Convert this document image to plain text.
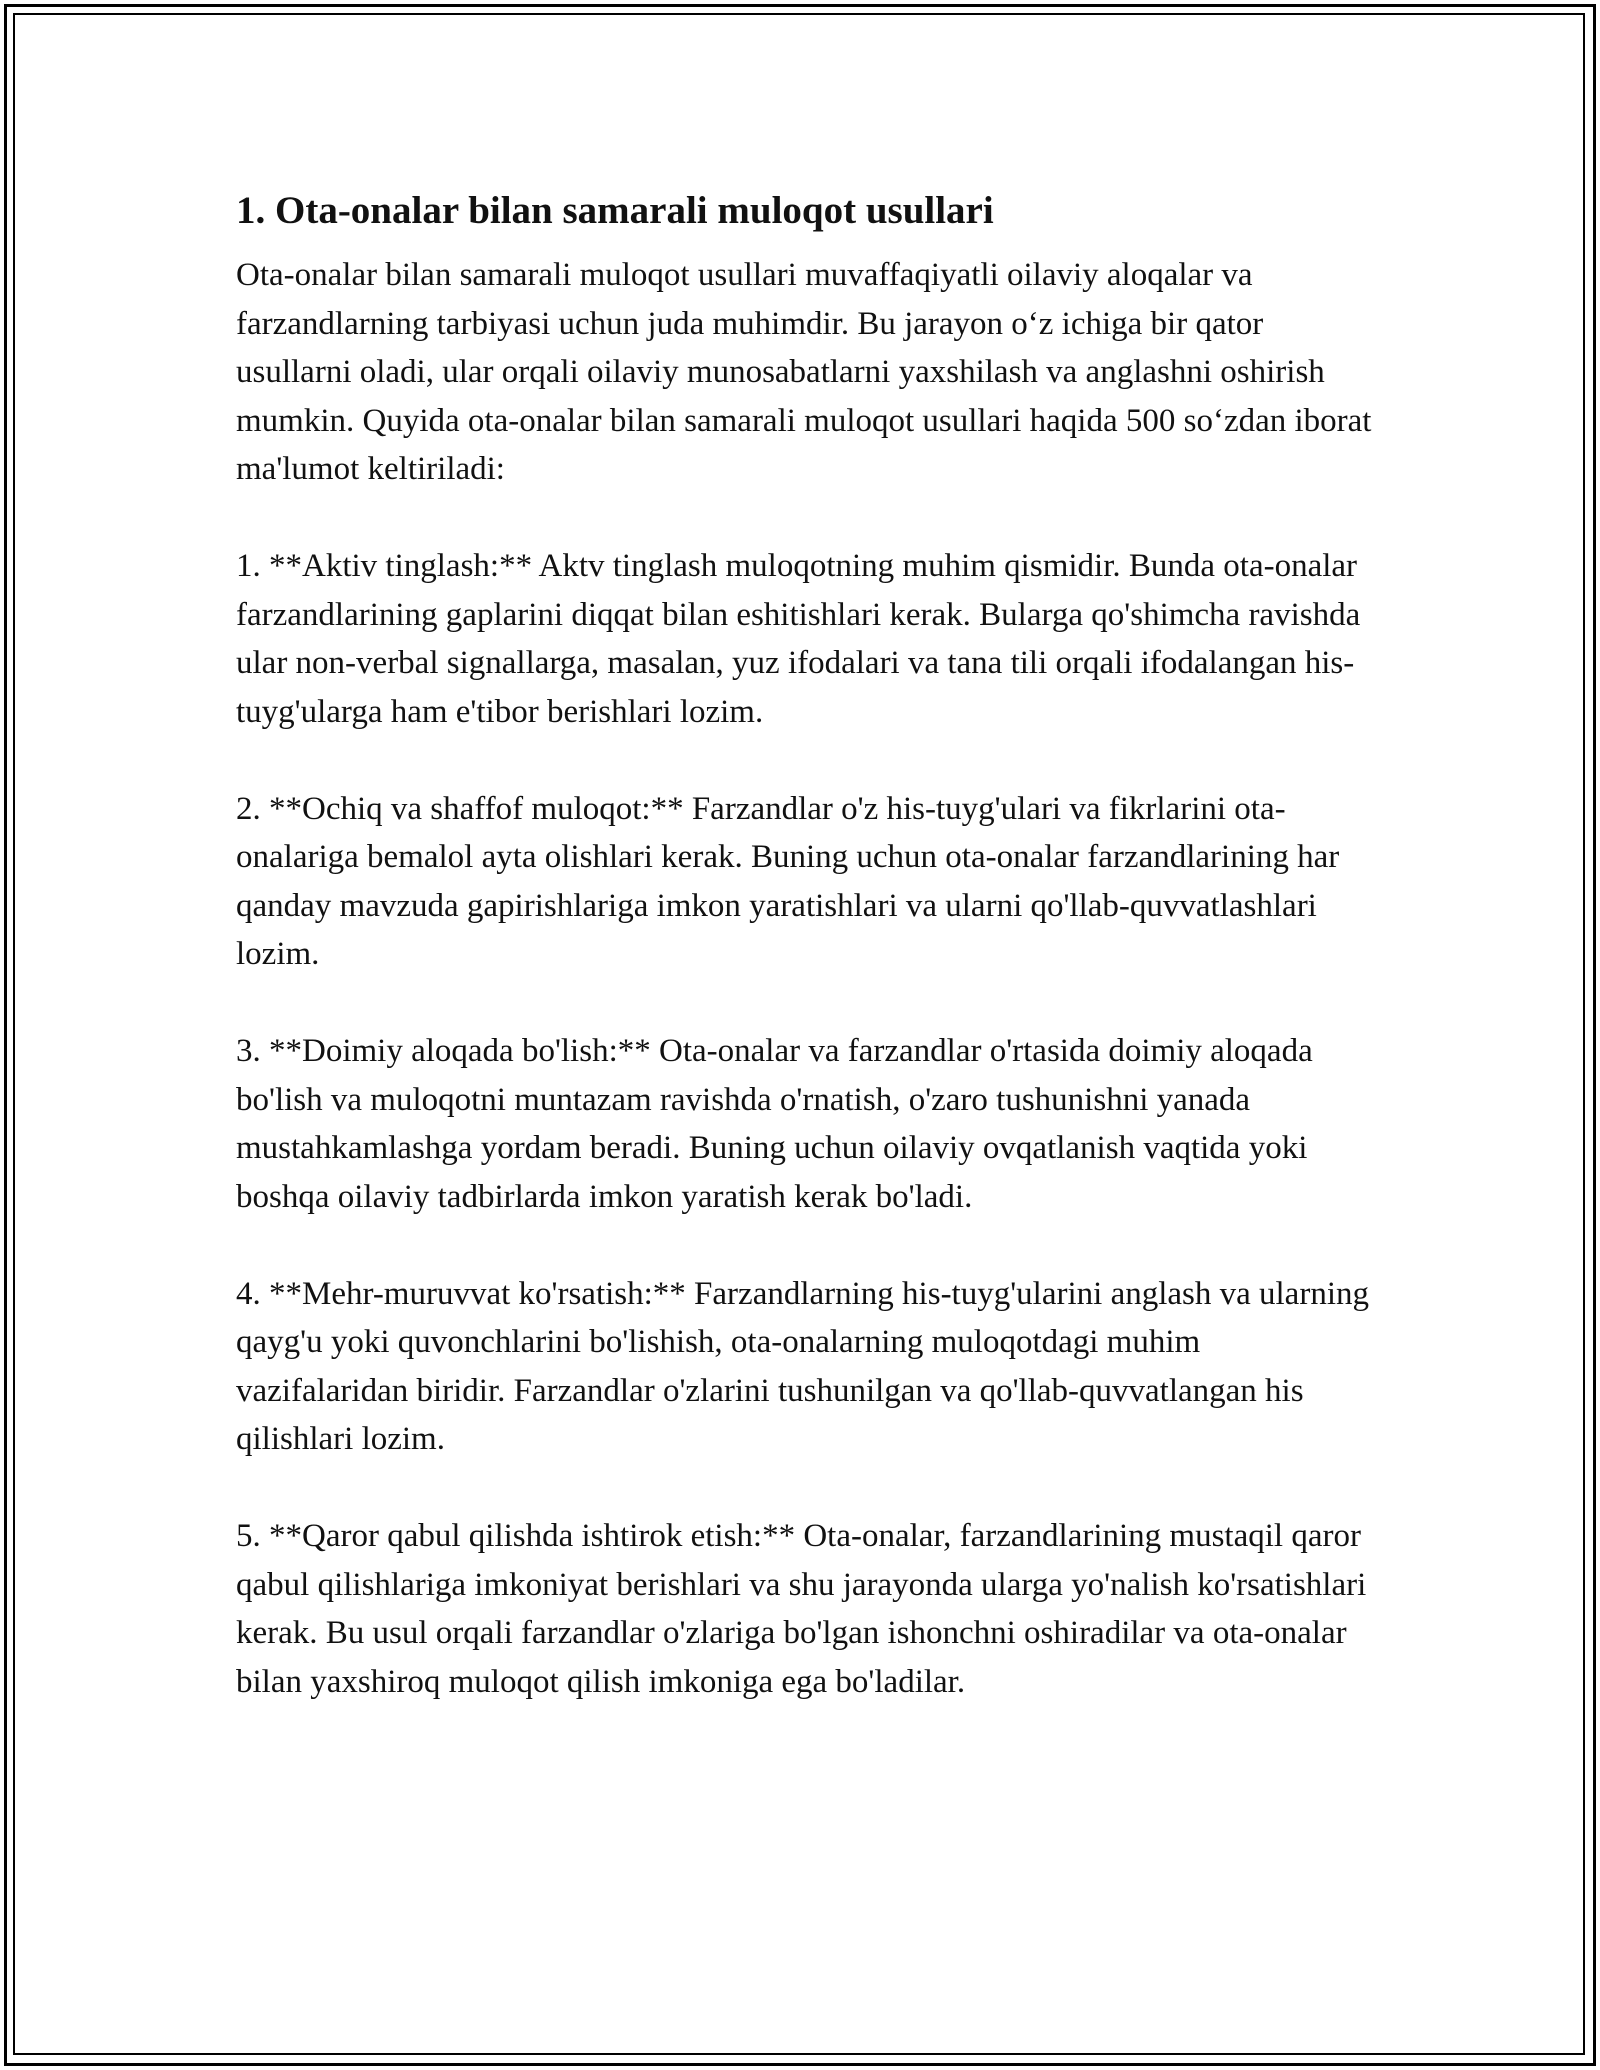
1. Ota-onalar bilan samarali muloqot usullari

Ota-onalar bilan samarali muloqot usullari muvaffaqiyatli oilaviy aloqalar va farzandlarning tarbiyasi uchun juda muhimdir. Bu jarayon o‘z ichiga bir qator usullarni oladi, ular orqali oilaviy munosabatlarni yaxshilash va anglashni oshirish mumkin. Quyida ota-onalar bilan samarali muloqot usullari haqida 500 so‘zdan iborat ma'lumot keltiriladi:

1. **Aktiv tinglash:** Aktv tinglash muloqotning muhim qismidir. Bunda ota-onalar farzandlarining gaplarini diqqat bilan eshitishlari kerak. Bularga qo'shimcha ravishda ular non-verbal signallarga, masalan, yuz ifodalari va tana tili orqali ifodalangan his-tuyg'ularga ham e'tibor berishlari lozim.

2. **Ochiq va shaffof muloqot:** Farzandlar o'z his-tuyg'ulari va fikrlarini ota-onalariga bemalol ayta olishlari kerak. Buning uchun ota-onalar farzandlarining har qanday mavzuda gapirishlariga imkon yaratishlari va ularni qo'llab-quvvatlashlari lozim.

3. **Doimiy aloqada bo'lish:** Ota-onalar va farzandlar o'rtasida doimiy aloqada bo'lish va muloqotni muntazam ravishda o'rnatish, o'zaro tushunishni yanada mustahkamlashga yordam beradi. Buning uchun oilaviy ovqatlanish vaqtida yoki boshqa oilaviy tadbirlarda imkon yaratish kerak bo'ladi.

4. **Mehr-muruvvat ko'rsatish:** Farzandlarning his-tuyg'ularini anglash va ularning qayg'u yoki quvonchlarini bo'lishish, ota-onalarning muloqotdagi muhim vazifalaridan biridir. Farzandlar o'zlarini tushunilgan va qo'llab-quvvatlangan his qilishlari lozim.

5. **Qaror qabul qilishda ishtirok etish:** Ota-onalar, farzandlarining mustaqil qaror qabul qilishlariga imkoniyat berishlari va shu jarayonda ularga yo'nalish ko'rsatishlari kerak. Bu usul orqali farzandlar o'zlariga bo'lgan ishonchni oshiradilar va ota-onalar bilan yaxshiroq muloqot qilish imkoniga ega bo'ladilar.
